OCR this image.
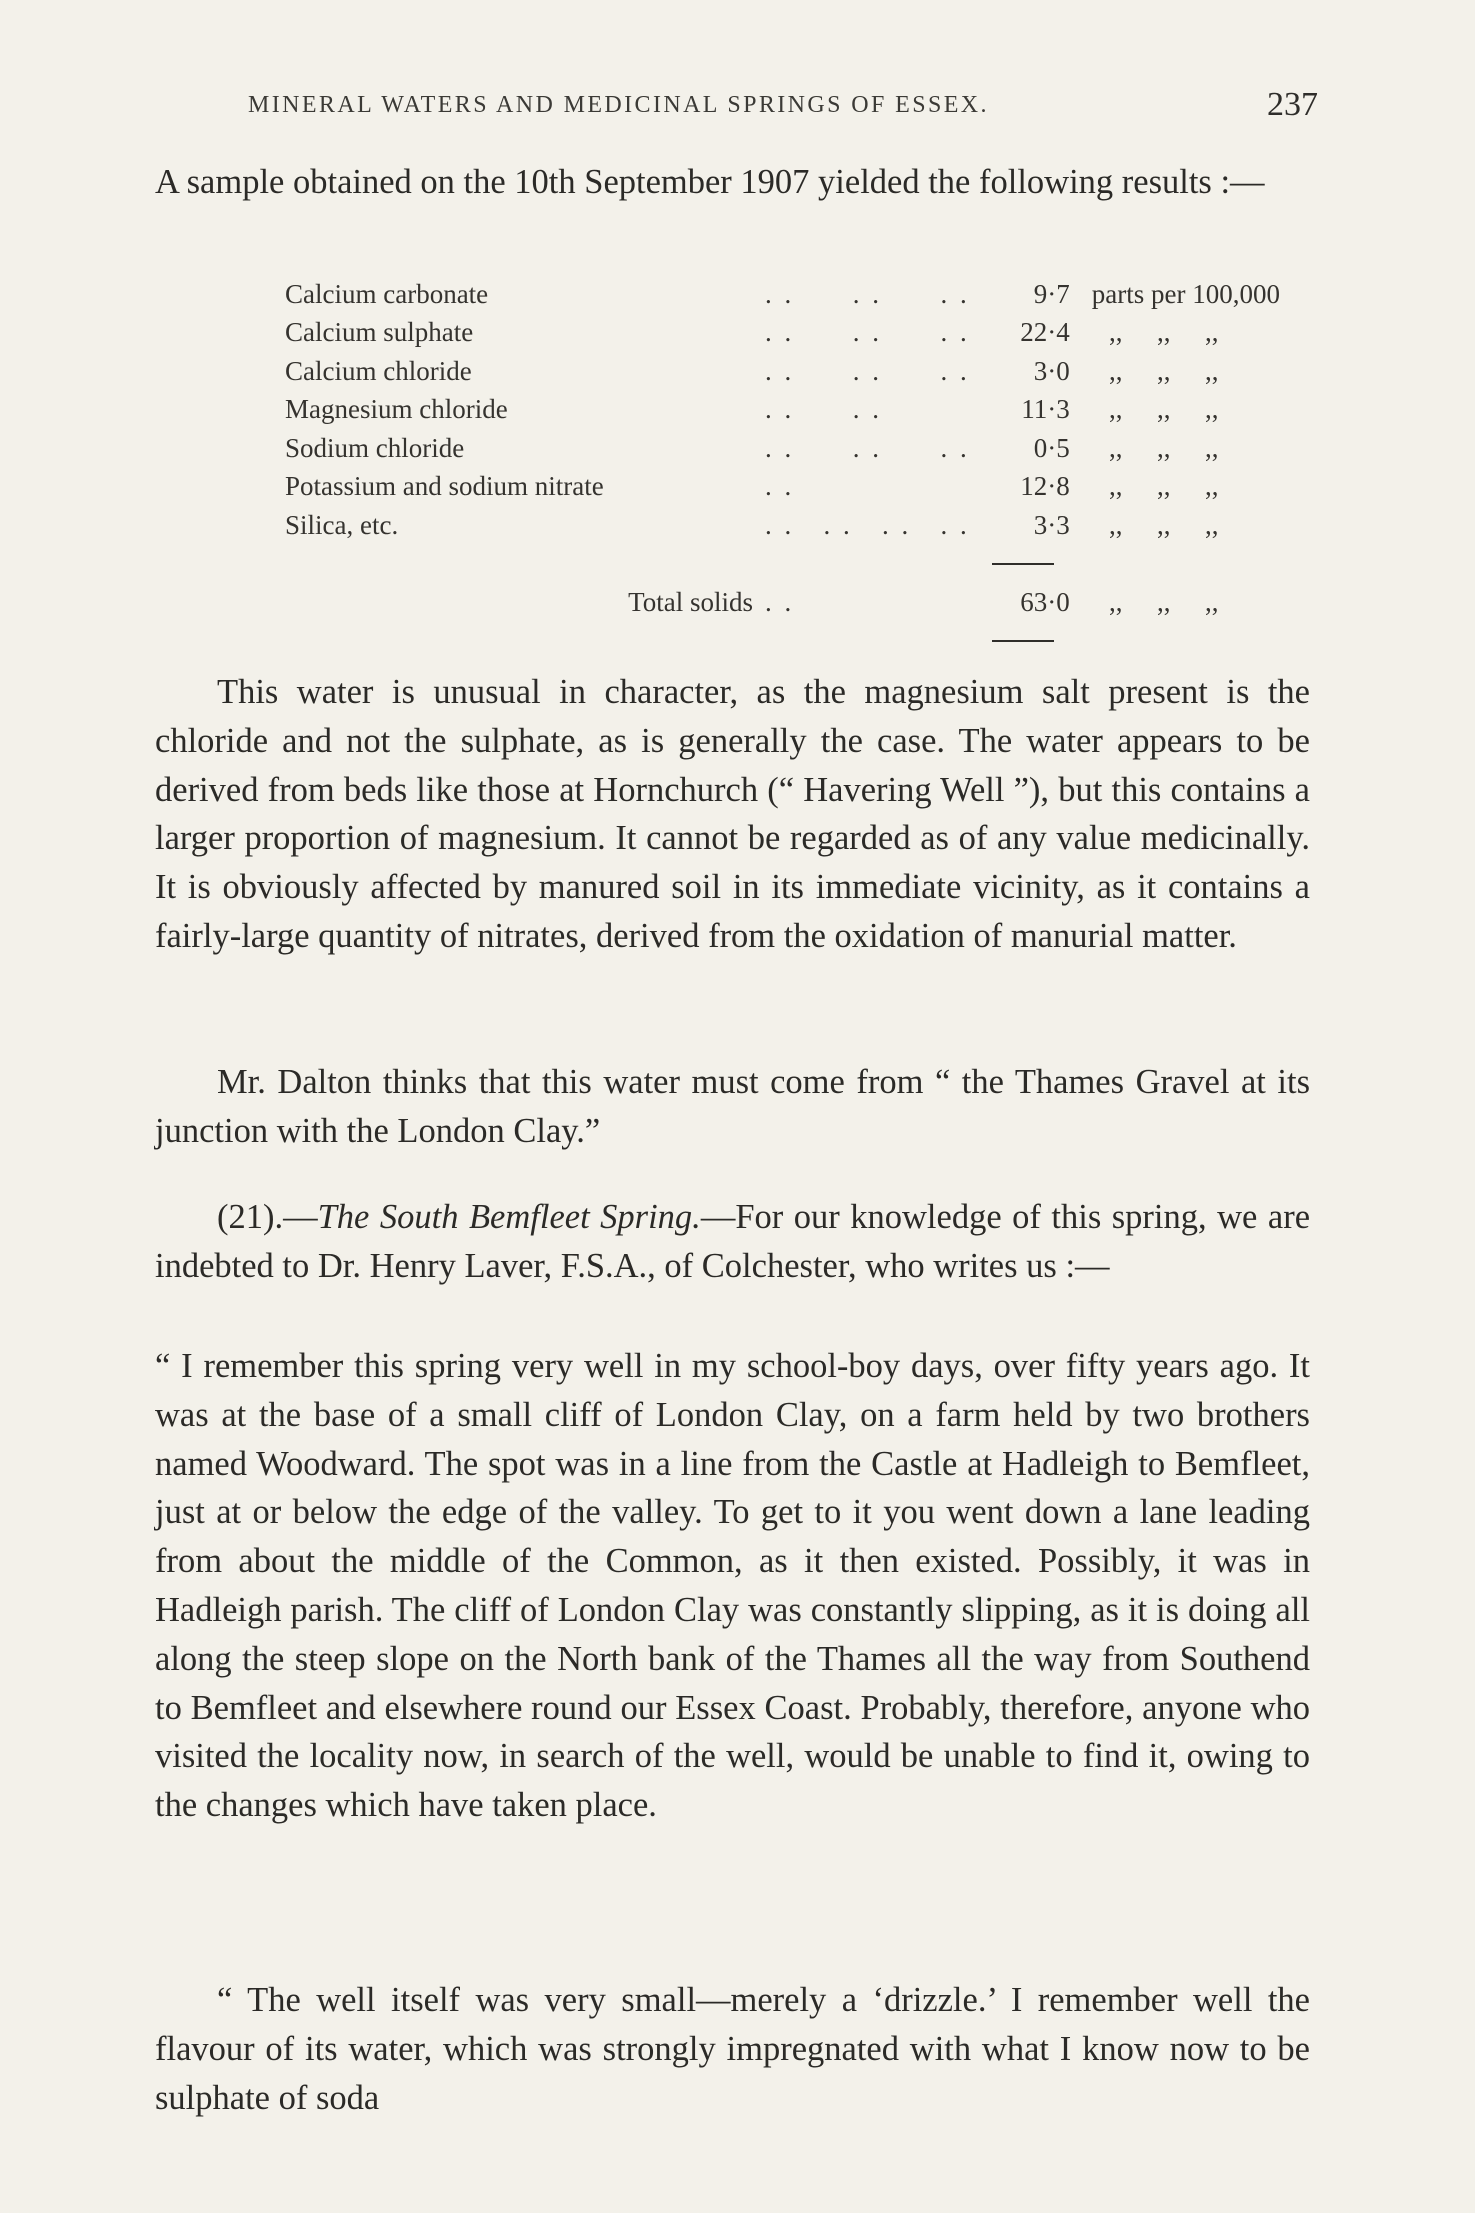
MINERAL WATERS AND MEDICINAL SPRINGS OF ESSEX.	237

A sample obtained on the 10th September 1907 yielded the following results :—

Calcium carbonate	. .      . .      . .	9·7	parts per 100,000
Calcium sulphate	. .      . .      . .	22·4	,, ,, ,,
Calcium chloride	. .      . .      . .	3·0	,, ,, ,,
Magnesium chloride	. .      . .	11·3	,, ,, ,,
Sodium chloride	. .      . .      . .	0·5	,, ,, ,,
Potassium and sodium nitrate	. .	12·8	,, ,, ,,
Silica, etc.	. .   . .   . .   . .	3·3	,, ,, ,,

Total solids	. .	63·0	,, ,, ,,

This water is unusual in character, as the magnesium salt present is the chloride and not the sulphate, as is generally the case. The water appears to be derived from beds like those at Hornchurch (“ Havering Well ”), but this contains a larger proportion of magnesium. It cannot be regarded as of any value medicinally. It is obviously affected by manured soil in its immediate vicinity, as it contains a fairly-large quantity of nitrates, derived from the oxidation of manurial matter.

Mr. Dalton thinks that this water must come from “ the Thames Gravel at its junction with the London Clay.”

(21).—The South Bemfleet Spring.—For our knowledge of this spring, we are indebted to Dr. Henry Laver, F.S.A., of Colchester, who writes us :—

“ I remember this spring very well in my school-boy days, over fifty years ago. It was at the base of a small cliff of London Clay, on a farm held by two brothers named Woodward. The spot was in a line from the Castle at Hadleigh to Bemfleet, just at or below the edge of the valley. To get to it you went down a lane leading from about the middle of the Common, as it then existed. Possibly, it was in Hadleigh parish. The cliff of London Clay was constantly slipping, as it is doing all along the steep slope on the North bank of the Thames all the way from Southend to Bemfleet and elsewhere round our Essex Coast. Probably, therefore, anyone who visited the locality now, in search of the well, would be unable to find it, owing to the changes which have taken place.

“ The well itself was very small—merely a ‘drizzle.’ I remember well the flavour of its water, which was strongly impregnated with what I know now to be sulphate of soda
